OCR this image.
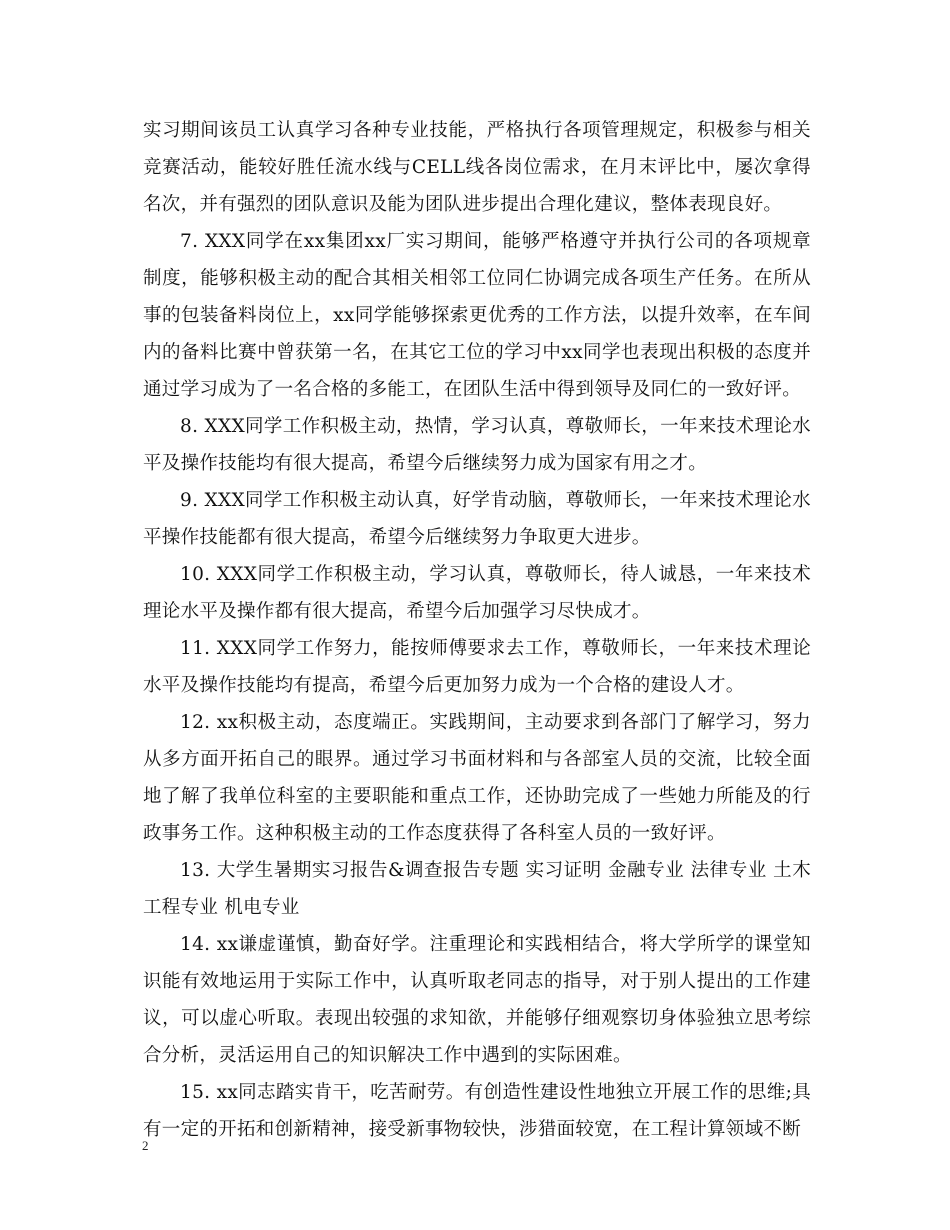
实习期间该员工认真学习各种专业技能，严格执行各项管理规定，积极参与相关竞赛活动，能较好胜任流水线与CELL线各岗位需求，在月末评比中，屡次拿得名次，并有强烈的团队意识及能为团队进步提出合理化建议，整体表现良好。

7. XXX同学在xx集团xx厂实习期间，能够严格遵守并执行公司的各项规章制度，能够积极主动的配合其相关相邻工位同仁协调完成各项生产任务。在所从事的包装备料岗位上，xx同学能够探索更优秀的工作方法，以提升效率，在车间内的备料比赛中曾获第一名，在其它工位的学习中xx同学也表现出积极的态度并通过学习成为了一名合格的多能工，在团队生活中得到领导及同仁的一致好评。

8. XXX同学工作积极主动，热情，学习认真，尊敬师长，一年来技术理论水平及操作技能均有很大提高，希望今后继续努力成为国家有用之才。

9. XXX同学工作积极主动认真，好学肯动脑，尊敬师长，一年来技术理论水平操作技能都有很大提高，希望今后继续努力争取更大进步。

10. XXX同学工作积极主动，学习认真，尊敬师长，待人诚恳，一年来技术理论水平及操作都有很大提高，希望今后加强学习尽快成才。

11. XXX同学工作努力，能按师傅要求去工作，尊敬师长，一年来技术理论水平及操作技能均有提高，希望今后更加努力成为一个合格的建设人才。

12. xx积极主动，态度端正。实践期间，主动要求到各部门了解学习，努力从多方面开拓自己的眼界。通过学习书面材料和与各部室人员的交流，比较全面地了解了我单位科室的主要职能和重点工作，还协助完成了一些她力所能及的行政事务工作。这种积极主动的工作态度获得了各科室人员的一致好评。

13. 大学生暑期实习报告&调查报告专题 实习证明 金融专业 法律专业 土木工程专业 机电专业

14. xx谦虚谨慎，勤奋好学。注重理论和实践相结合，将大学所学的课堂知识能有效地运用于实际工作中，认真听取老同志的指导，对于别人提出的工作建议，可以虚心听取。表现出较强的求知欲，并能够仔细观察切身体验独立思考综合分析，灵活运用自己的知识解决工作中遇到的实际困难。

15. xx同志踏实肯干，吃苦耐劳。有创造性建设性地独立开展工作的思维;具有一定的开拓和创新精神，接受新事物较快，涉猎面较宽，在工程计算领域不断

2
